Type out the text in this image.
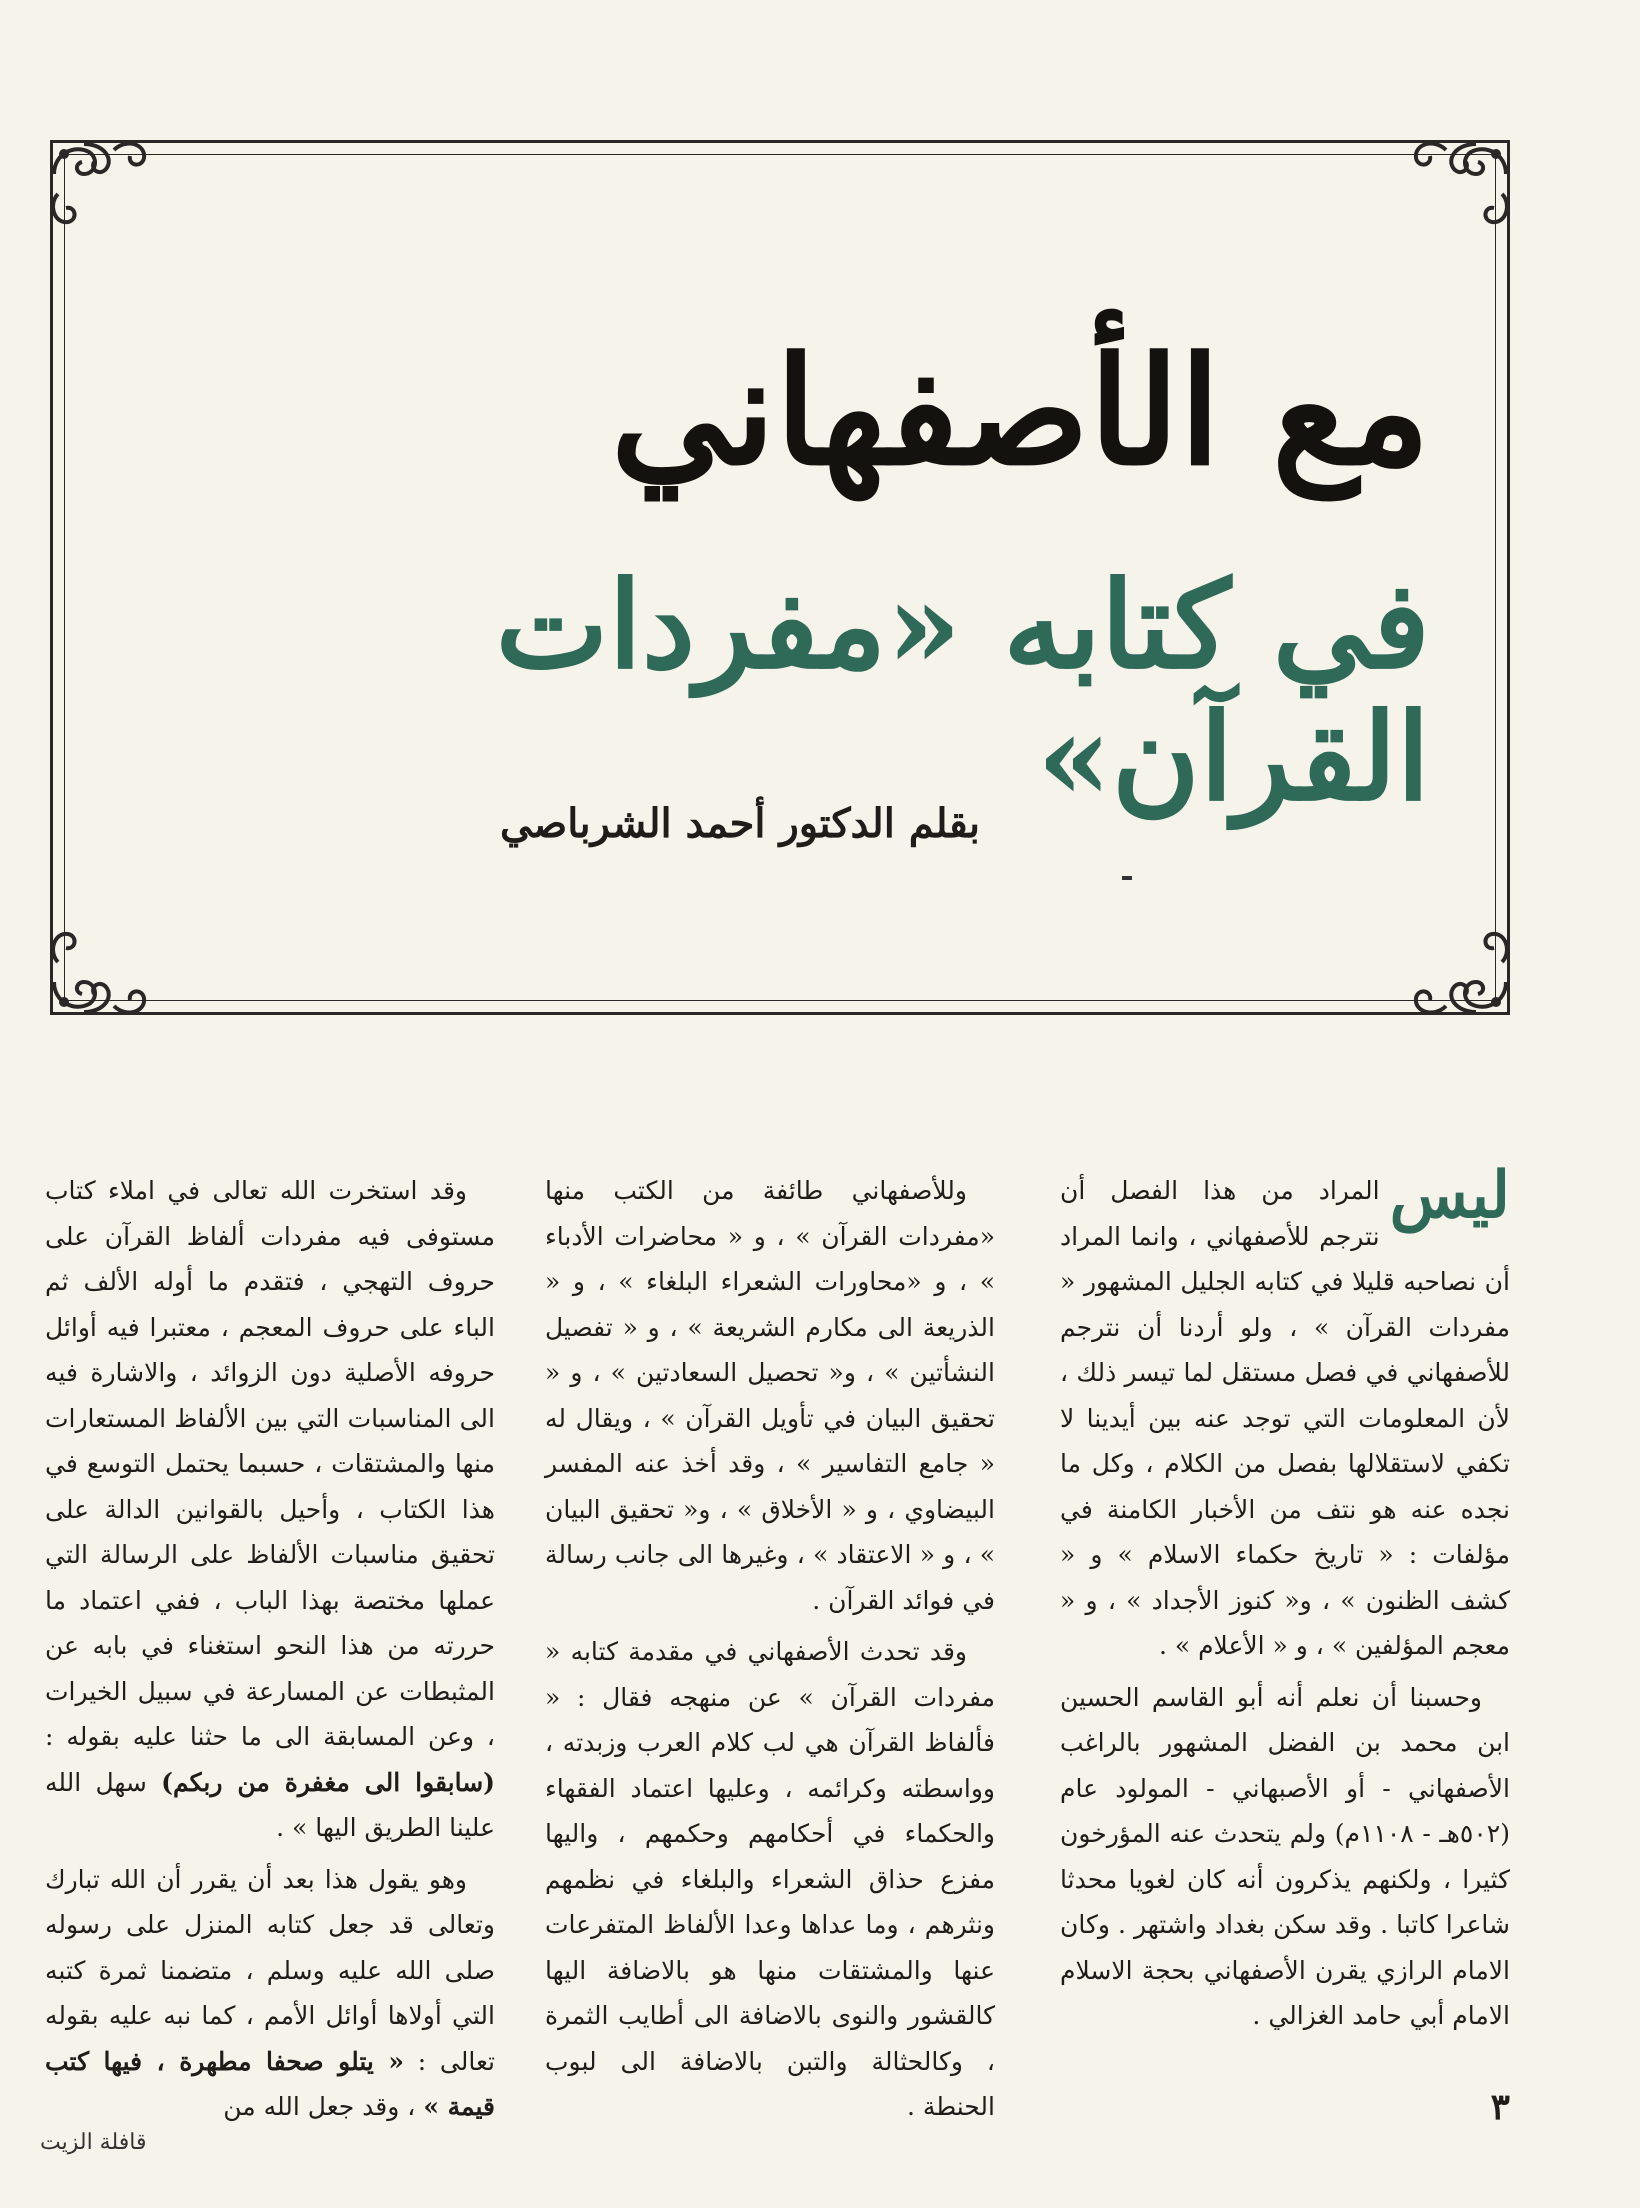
مع الأصفهاني
في كتابه «مفردات القرآن»
بقلم الدكتور أحمد الشرباصي

ليس
المراد من هذا الفصل أن نترجم للأصفهاني ، وانما المراد أن نصاحبه قليلا في كتابه الجليل المشهور « مفردات القرآن » ، ولو أردنا أن نترجم للأصفهاني في فصل مستقل لما تيسر ذلك ، لأن المعلومات التي توجد عنه بين أيدينا لا تكفي لاستقلالها بفصل من الكلام ، وكل ما نجده عنه هو نتف من الأخبار الكامنة في مؤلفات : « تاريخ حكماء الاسلام » و « كشف الظنون » ، و« كنوز الأجداد » ، و « معجم المؤلفين » ، و « الأعلام » .

وحسبنا أن نعلم أنه أبو القاسم الحسين ابن محمد بن الفضل المشهور بالراغب الأصفهاني - أو الأصبهاني - المولود عام (٥٠٢هـ - ١١٠٨م) ولم يتحدث عنه المؤرخون كثيرا ، ولكنهم يذكرون أنه كان لغويا محدثا شاعرا كاتبا . وقد سكن بغداد واشتهر . وكان الامام الرازي يقرن الأصفهاني بحجة الاسلام الامام أبي حامد الغزالي .

وللأصفهاني طائفة من الكتب منها «مفردات القرآن » ، و « محاضرات الأدباء » ، و «محاورات الشعراء البلغاء » ، و « الذريعة الى مكارم الشريعة » ، و « تفصيل النشأتين » ، و« تحصيل السعادتين » ، و « تحقيق البيان في تأويل القرآن » ، ويقال له « جامع التفاسير » ، وقد أخذ عنه المفسر البيضاوي ، و « الأخلاق » ، و« تحقيق البيان » ، و « الاعتقاد » ، وغيرها الى جانب رسالة في فوائد القرآن .

وقد تحدث الأصفهاني في مقدمة كتابه « مفردات القرآن » عن منهجه فقال : « فألفاظ القرآن هي لب كلام العرب وزبدته ، وواسطته وكرائمه ، وعليها اعتماد الفقهاء والحكماء في أحكامهم وحكمهم ، واليها مفزع حذاق الشعراء والبلغاء في نظمهم ونثرهم ، وما عداها وعدا الألفاظ المتفرعات عنها والمشتقات منها هو بالاضافة اليها كالقشور والنوى بالاضافة الى أطايب الثمرة ، وكالحثالة والتبن بالاضافة الى لبوب الحنطة .

وقد استخرت الله تعالى في املاء كتاب مستوفى فيه مفردات ألفاظ القرآن على حروف التهجي ، فتقدم ما أوله الألف ثم الباء على حروف المعجم ، معتبرا فيه أوائل حروفه الأصلية دون الزوائد ، والاشارة فيه الى المناسبات التي بين الألفاظ المستعارات منها والمشتقات ، حسبما يحتمل التوسع في هذا الكتاب ، وأحيل بالقوانين الدالة على تحقيق مناسبات الألفاظ على الرسالة التي عملها مختصة بهذا الباب ، ففي اعتماد ما حررته من هذا النحو استغناء في بابه عن المثبطات عن المسارعة في سبيل الخيرات ، وعن المسابقة الى ما حثنا عليه بقوله : (سابقوا الى مغفرة من ربكم) سهل الله علينا الطريق اليها » .

وهو يقول هذا بعد أن يقرر أن الله تبارك وتعالى قد جعل كتابه المنزل على رسوله صلى الله عليه وسلم ، متضمنا ثمرة كتبه التي أولاها أوائل الأمم ، كما نبه عليه بقوله تعالى : « يتلو صحفا مطهرة ، فيها كتب قيمة » ، وقد جعل الله من	٣
قافلة الزيت
